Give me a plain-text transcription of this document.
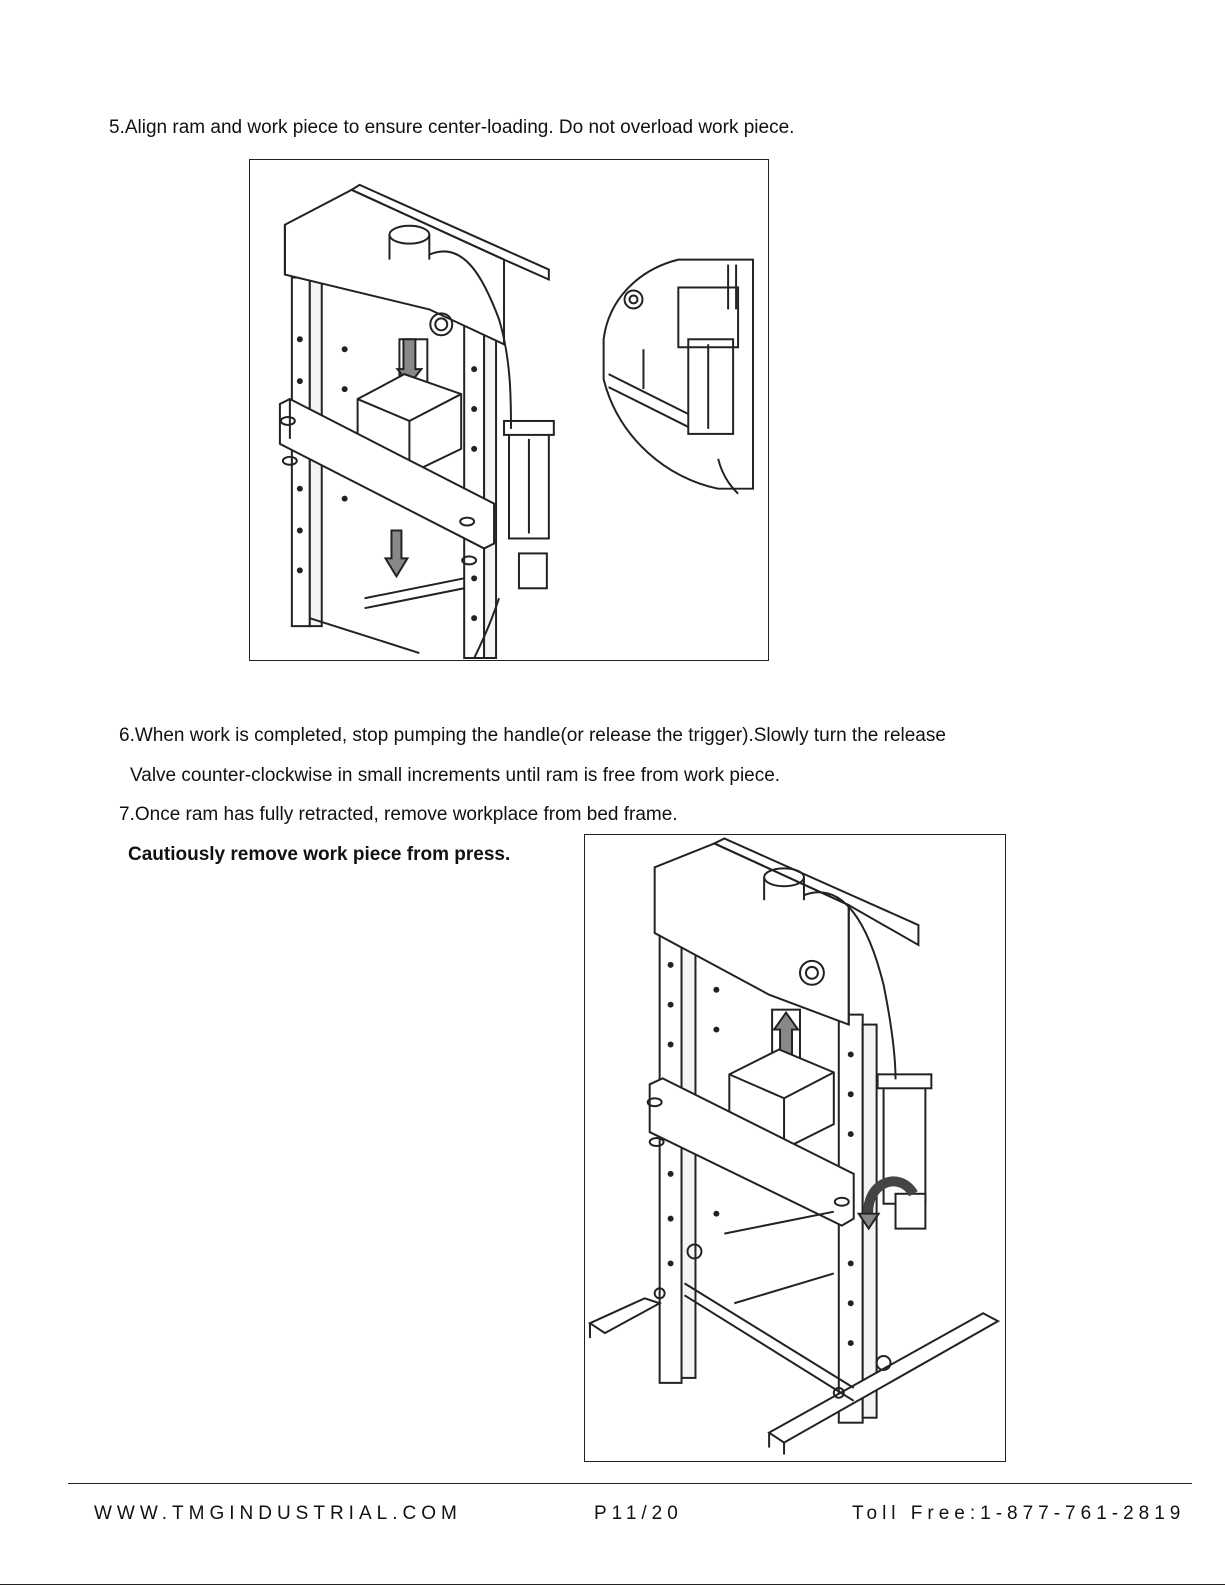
5.Align ram and work piece to ensure center-loading. Do not overload work piece.
6.When work is completed, stop pumping the handle(or release the trigger).Slowly turn the release
Valve counter-clockwise in small increments until ram is free from work piece.
7.Once ram has fully retracted, remove workplace from bed frame.
Cautiously remove work piece from press.
WWW.TMGINDUSTRIAL.COM	P11/20	Toll Free:1-877-761-2819
